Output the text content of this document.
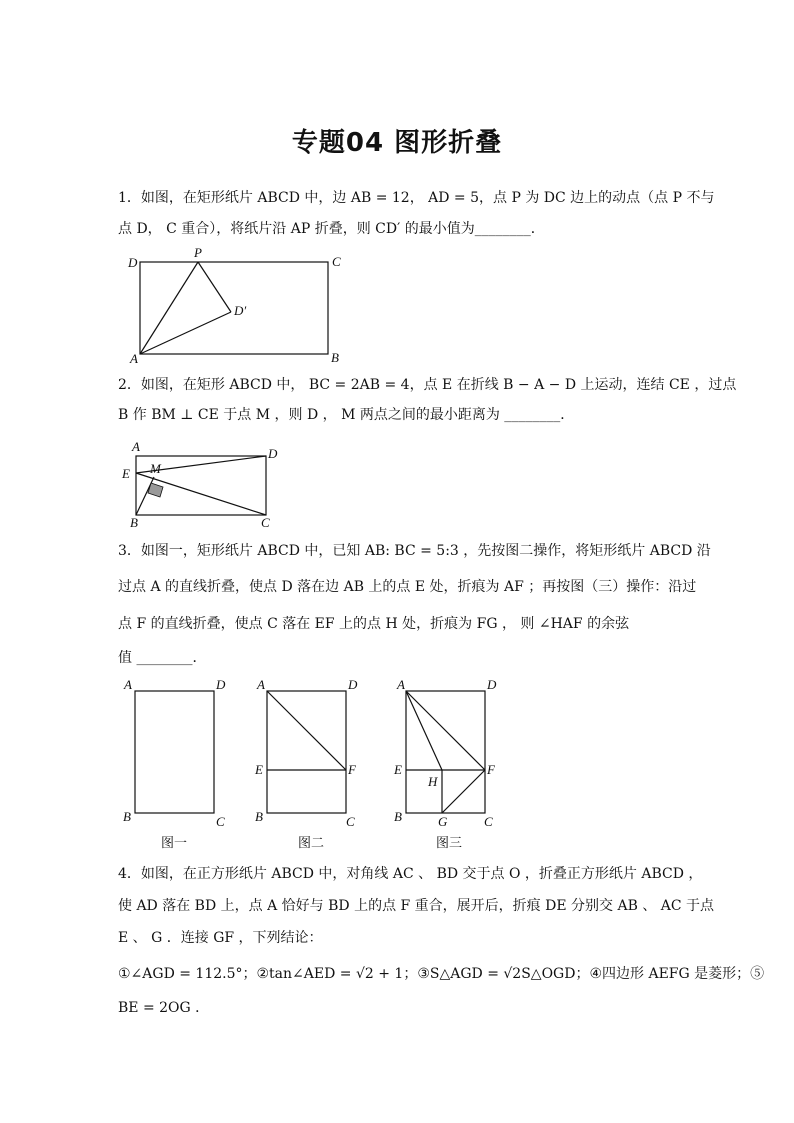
专题04 图形折叠
1．如图，在矩形纸片 ABCD 中，边 AB = 12， AD = 5，点 P 为 DC 边上的动点（点 P 不与
点 D， C 重合），将纸片沿 AP 折叠，则 CD′ 的最小值为________．
D
P
C
D′
A	B
2．如图，在矩形 ABCD 中， BC = 2AB = 4，点 E 在折线 B − A − D 上运动，连结 CE ，过点
B 作 BM ⊥ CE 于点 M ，则 D ， M 两点之间的最小距离为 ________．
A	D
E M
B	C
3．如图一，矩形纸片 ABCD 中，已知 AB: BC = 5:3 ，先按图二操作，将矩形纸片 ABCD 沿
过点 A 的直线折叠，使点 D 落在边 AB 上的点 E 处，折痕为 AF ；再按图（三）操作：沿过
点 F 的直线折叠，使点 C 落在 EF 上的点 H 处，折痕为 FG ， 则 ∠HAF 的余弦
值 ________．
A	D
B	C
图一
A	D
E	F
B	C
图二
A	D
E	F
H
B	G	C
图三
4．如图，在正方形纸片 ABCD 中，对角线 AC 、 BD 交于点 O ，折叠正方形纸片 ABCD ，
使 AD 落在 BD 上，点 A 恰好与 BD 上的点 F 重合，展开后，折痕 DE 分别交 AB 、 AC 于点
E 、 G ．连接 GF ，下列结论：
①∠AGD = 112.5°；②tan∠AED = √2 + 1；③S△AGD = √2S△OGD；④四边形 AEFG 是菱形；⑤
BE = 2OG ．
